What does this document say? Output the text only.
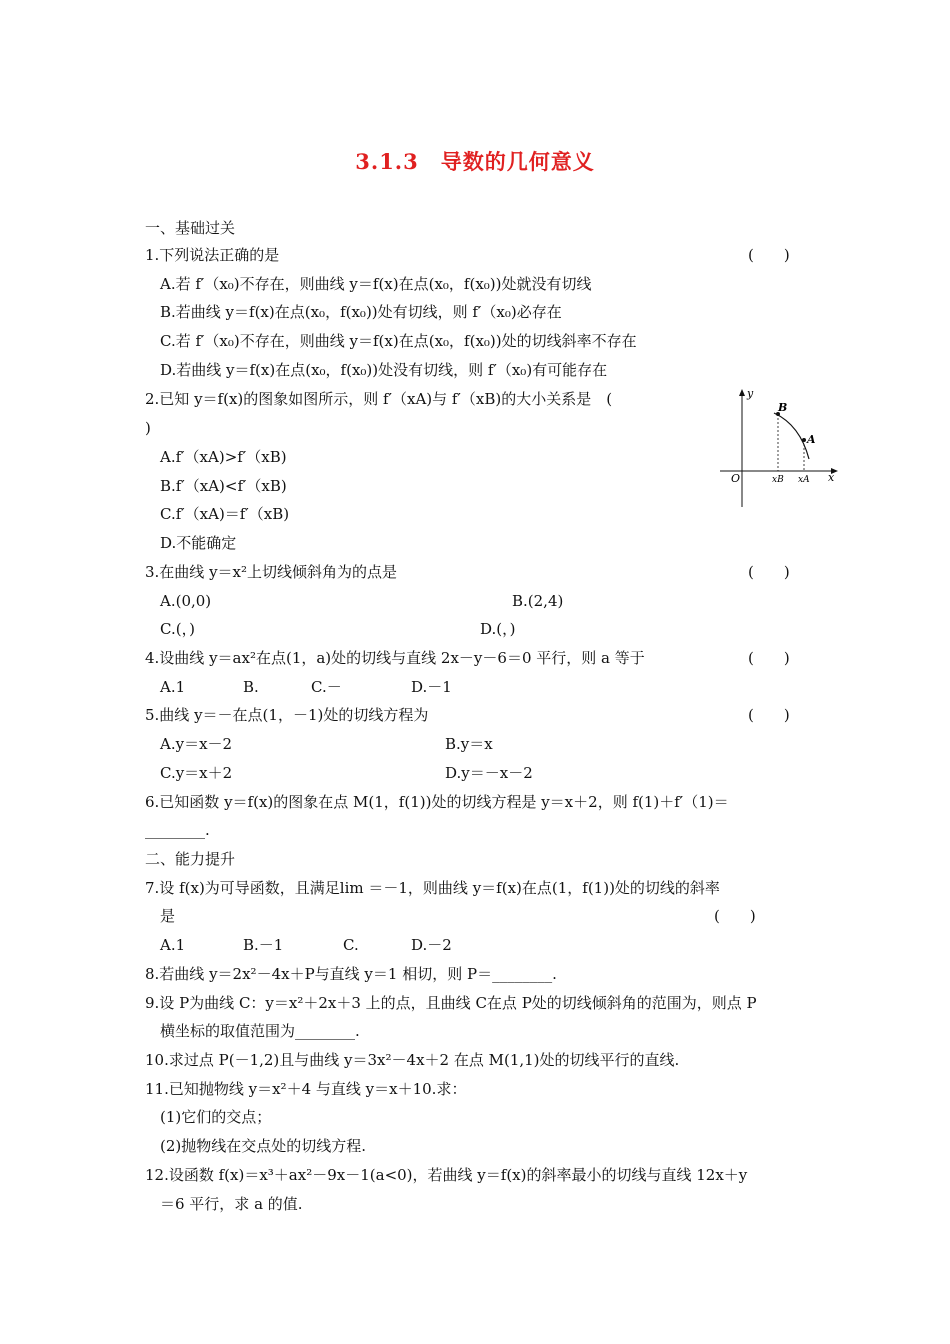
3.1.3　导数的几何意义
一、基础过关
1.下列说法正确的是	(　　)
A.若 f′（x₀)不存在，则曲线 y＝f(x)在点(x₀，f(x₀))处就没有切线
B.若曲线 y＝f(x)在点(x₀，f(x₀))处有切线，则 f′（x₀)必存在
C.若 f′（x₀)不存在，则曲线 y＝f(x)在点(x₀，f(x₀))处的切线斜率不存在
D.若曲线 y＝f(x)在点(x₀，f(x₀))处没有切线，则 f′（x₀)有可能存在
2.已知 y＝f(x)的图象如图所示，则 f′（xA)与 f′（xB)的大小关系是　(
)
A.f′（xA)>f′（xB)
B.f′（xA)<f′（xB)
C.f′（xA)＝f′（xB)
D.不能确定
y
x
O
B
A
xB xA
3.在曲线 y＝x²上切线倾斜角为的点是	(　　)
A.(0,0)	B.(2,4)
C.(，)	D.(，)
4.设曲线 y＝ax²在点(1，a)处的切线与直线 2x－y－6＝0 平行，则 a 等于	(　　)
A.1	B.	C.－	D.－1
5.曲线 y＝－在点(1，－1)处的切线方程为	(　　)
A.y＝x－2	B.y＝x
C.y＝x＋2	D.y＝－x－2
6.已知函数 y＝f(x)的图象在点 M(1，f(1))处的切线方程是 y＝x＋2，则 f(1)＋f′（1)＝
________.
二、能力提升
7.设 f(x)为可导函数，且满足lim ＝－1，则曲线 y＝f(x)在点(1，f(1))处的切线的斜率
是	(　　)
A.1	B.－1	C.	D.－2
8.若曲线 y＝2x²－4x＋P与直线 y＝1 相切，则 P＝________.
9.设 P为曲线 C：y＝x²＋2x＋3 上的点，且曲线 C在点 P处的切线倾斜角的范围为，则点 P
横坐标的取值范围为________.
10.求过点 P(－1,2)且与曲线 y＝3x²－4x＋2 在点 M(1,1)处的切线平行的直线.
11.已知抛物线 y＝x²＋4 与直线 y＝x＋10.求：
(1)它们的交点；
(2)抛物线在交点处的切线方程.
12.设函数 f(x)＝x³＋ax²－9x－1(a<0)，若曲线 y＝f(x)的斜率最小的切线与直线 12x＋y
＝6 平行，求 a 的值.
